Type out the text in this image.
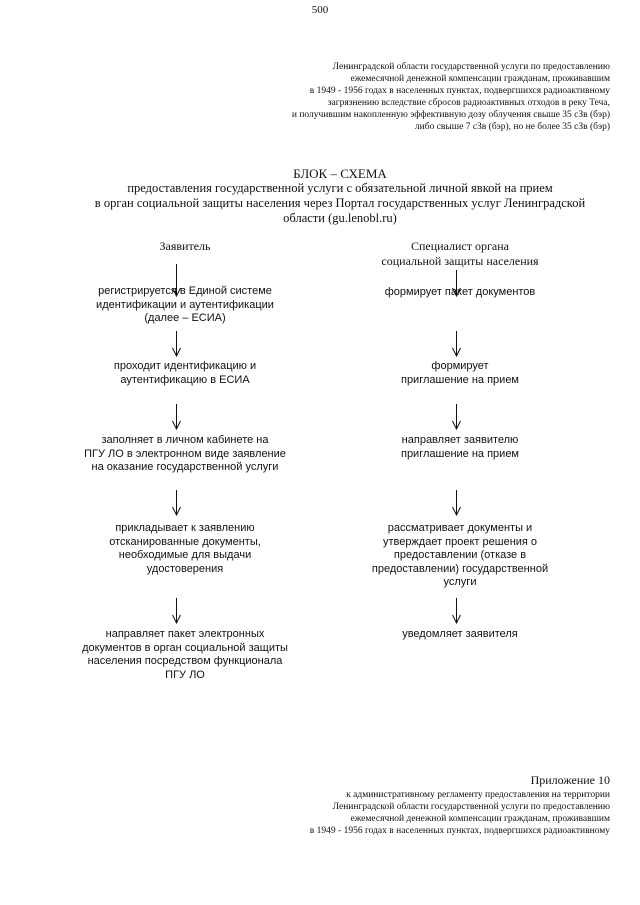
500
Ленинградской области государственной услуги по предоставлению
ежемесячной денежной компенсации гражданам, проживавшим
в 1949 - 1956 годах в населенных пунктах, подвергшихся радиоактивному
загрязнению вследствие сбросов радиоактивных отходов в реку Теча,
и получившим накопленную эффективную дозу облучения свыше 35 сЗв (бэр)
либо свыше 7 сЗв (бэр), но не более 35 сЗв (бэр)
БЛОК – СХЕМА
предоставления государственной услуги с обязательной личной явкой на прием
в орган социальной защиты населения через Портал государственных услуг Ленинградской
области (gu.lenobl.ru)
Заявитель
регистрируется в Единой системе
идентификации и аутентификации
(далее – ЕСИА)
проходит идентификацию и
аутентификацию в ЕСИА
заполняет в личном кабинете на
ПГУ ЛО в электронном виде заявление
на оказание государственной услуги
прикладывает к заявлению
отсканированные документы,
необходимые для выдачи
удостоверения
направляет пакет электронных
документов в орган социальной защиты
населения посредством функционала
ПГУ ЛО
Специалист органа
социальной защиты населения
формирует пакет документов
формирует
приглашение на прием
направляет заявителю
приглашение на прием
рассматривает документы и
утверждает проект решения о
предоставлении (отказе в
предоставлении) государственной
услуги
уведомляет заявителя
Приложение 10
к административному регламенту предоставления на территории
Ленинградской области государственной услуги по предоставлению
ежемесячной денежной компенсации гражданам, проживавшим
в 1949 - 1956 годах в населенных пунктах, подвергшихся радиоактивному
